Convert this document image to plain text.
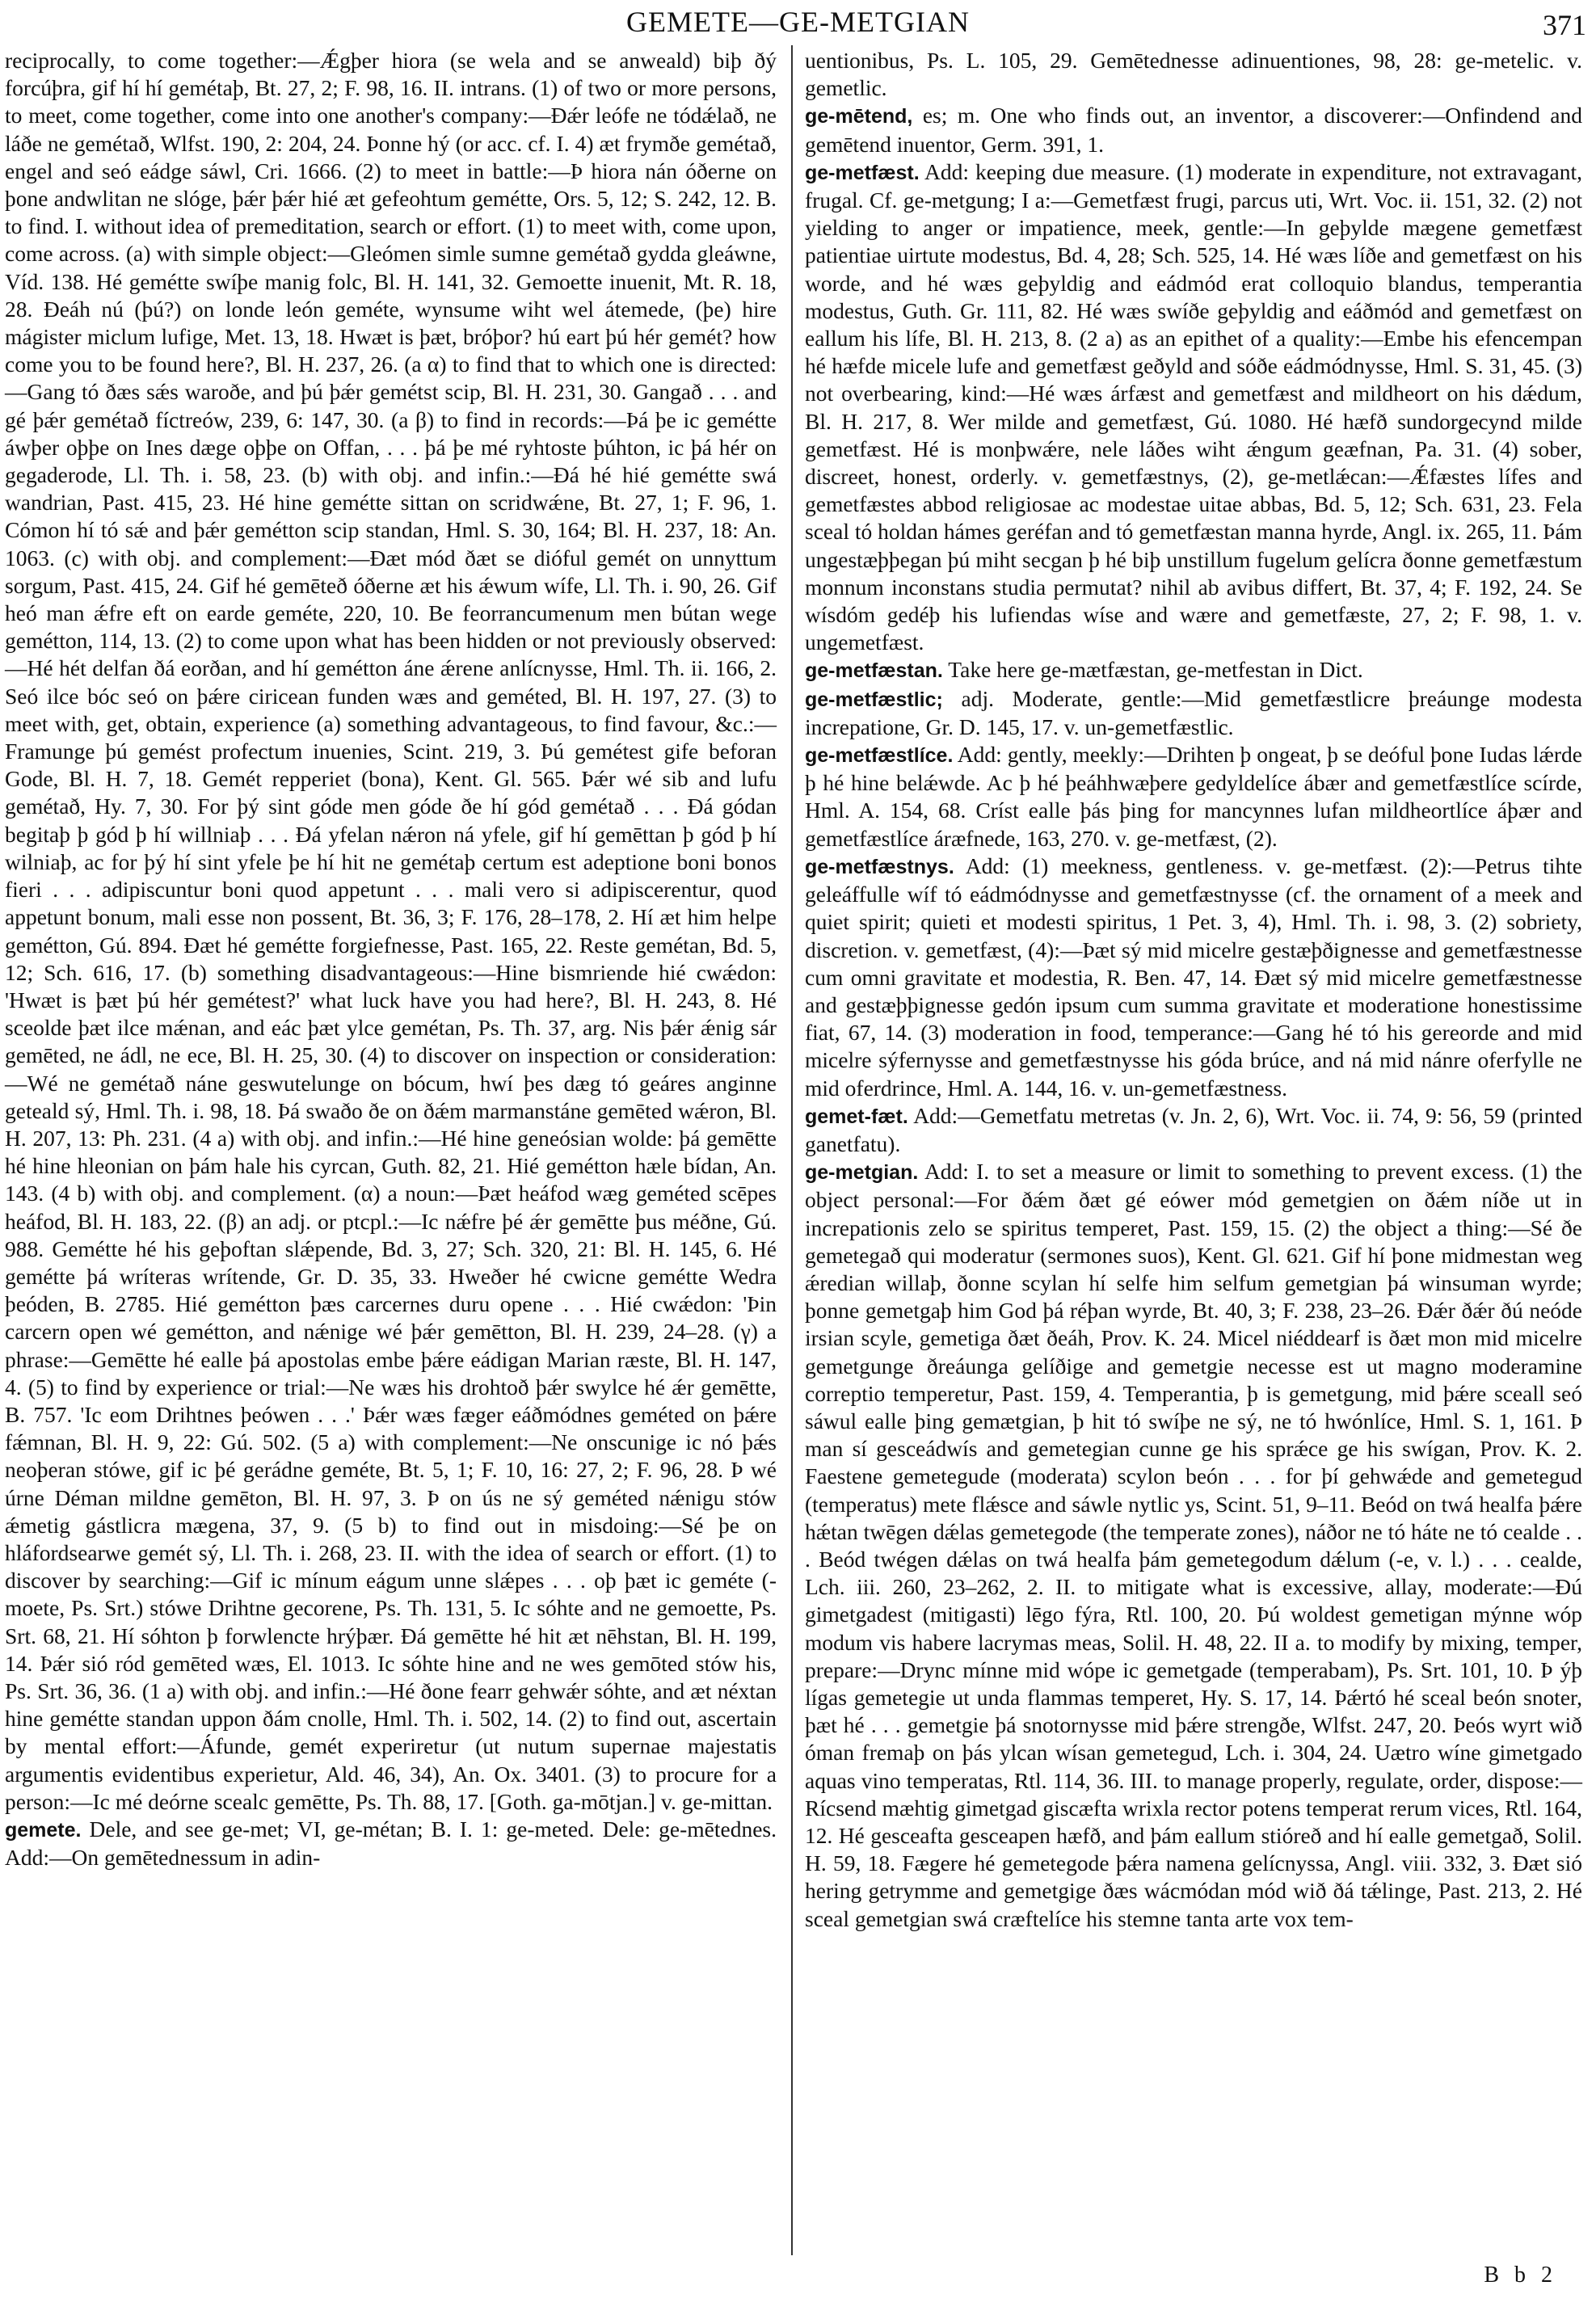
GEMETE—GE-METGIAN	371

reciprocally, to come together:—Ǽgþer hiora (se wela and se anweald) biþ ðý forcúþra, gif hí hí gemétaþ, Bt. 27, 2; F. 98, 16. II. intrans. (1) of two or more persons, to meet, come together, come into one another's company:—Ðǽr leófe ne tódǽlað, ne láðe ne gemétað, Wlfst. 190, 2: 204, 24. Þonne hý (or acc. cf. I. 4) æt frymðe gemétað, engel and seó eádge sáwl, Cri. 1666. (2) to meet in battle:—Þ hiora nán óðerne on þone andwlitan ne slóge, þǽr þǽr hié æt gefeohtum gemétte, Ors. 5, 12; S. 242, 12. B. to find. I. without idea of premeditation, search or effort. (1) to meet with, come upon, come across. (a) with simple object:—Gleómen simle sumne gemétað gydda gleáwne, Víd. 138. Hé gemétte swíþe manig folc, Bl. H. 141, 32. Gemoette inuenit, Mt. R. 18, 28. Ðeáh nú (þú?) on londe león geméte, wynsume wiht wel átemede, (þe) hire mágister miclum lufige, Met. 13, 18. Hwæt is þæt, bróþor? hú eart þú hér gemét? how come you to be found here?, Bl. H. 237, 26. (a α) to find that to which one is directed:—Gang tó ðæs sǽs waroðe, and þú þǽr gemétst scip, Bl. H. 231, 30. Gangað . . . and gé þǽr gemétað fíctreów, 239, 6: 147, 30. (a β) to find in records:—Þá þe ic gemétte áwþer oþþe on Ines dæge oþþe on Offan, . . . þá þe mé ryhtoste þúhton, ic þá hér on gegaderode, Ll. Th. i. 58, 23. (b) with obj. and infin.:—Ðá hé hié gemétte swá wandrian, Past. 415, 23. Hé hine gemétte sittan on scridwǽne, Bt. 27, 1; F. 96, 1. Cómon hí tó sǽ and þǽr gemétton scip standan, Hml. S. 30, 164; Bl. H. 237, 18: An. 1063. (c) with obj. and complement:—Ðæt mód ðæt se dióful gemét on unnyttum sorgum, Past. 415, 24. Gif hé gemēteð óðerne æt his ǽwum wífe, Ll. Th. i. 90, 26. Gif heó man ǽfre eft on earde geméte, 220, 10. Be feorrancumenum men bútan wege gemétton, 114, 13. (2) to come upon what has been hidden or not previously observed:—Hé hét delfan ðá eorðan, and hí gemétton áne ǽrene anlícnysse, Hml. Th. ii. 166, 2. Seó ilce bóc seó on þǽre ciricean funden wæs and geméted, Bl. H. 197, 27. (3) to meet with, get, obtain, experience (a) something advantageous, to find favour, &c.:—Framunge þú gemést profectum inuenies, Scint. 219, 3. Þú gemétest gife beforan Gode, Bl. H. 7, 18. Gemét repperiet (bona), Kent. Gl. 565. Þǽr wé sib and lufu gemétað, Hy. 7, 30. For þý sint góde men góde ðe hí gód gemétað . . . Ðá gódan begitaþ þ gód þ hí willniaþ . . . Ðá yfelan nǽron ná yfele, gif hí gemēttan þ gód þ hí wilniaþ, ac for þý hí sint yfele þe hí hit ne gemétaþ certum est adeptione boni bonos fieri . . . adipiscuntur boni quod appetunt . . . mali vero si adipiscerentur, quod appetunt bonum, mali esse non possent, Bt. 36, 3; F. 176, 28–178, 2. Hí æt him helpe gemétton, Gú. 894. Ðæt hé gemétte forgiefnesse, Past. 165, 22. Reste gemétan, Bd. 5, 12; Sch. 616, 17. (b) something disadvantageous:—Hine bismriende hié cwǽdon: 'Hwæt is þæt þú hér gemétest?' what luck have you had here?, Bl. H. 243, 8. Hé sceolde þæt ilce mǽnan, and eác þæt ylce gemétan, Ps. Th. 37, arg. Nis þǽr ǽnig sár gemēted, ne ádl, ne ece, Bl. H. 25, 30. (4) to discover on inspection or consideration:—Wé ne gemétað náne geswutelunge on bócum, hwí þes dæg tó geáres anginne geteald sý, Hml. Th. i. 98, 18. Þá swaðo ðe on ðǽm marmanstáne gemēted wǽron, Bl. H. 207, 13: Ph. 231. (4 a) with obj. and infin.:—Hé hine geneósian wolde: þá gemētte hé hine hleonian on þám hale his cyrcan, Guth. 82, 21. Hié gemétton hæle bídan, An. 143. (4 b) with obj. and complement. (α) a noun:—Þæt heáfod wæg geméted scēpes heáfod, Bl. H. 183, 22. (β) an adj. or ptcpl.:—Ic nǽfre þé ǽr gemētte þus méðne, Gú. 988. Gemétte hé his geþoftan slǽpende, Bd. 3, 27; Sch. 320, 21: Bl. H. 145, 6. Hé gemétte þá wríteras wrítende, Gr. D. 35, 33. Hweðer hé cwicne gemétte Wedra þeóden, B. 2785. Hié gemétton þæs carcernes duru opene . . . Hié cwǽdon: 'Þin carcern open wé gemétton, and nǽnige wé þǽr gemētton, Bl. H. 239, 24–28. (γ) a phrase:—Gemētte hé ealle þá apostolas embe þǽre eádigan Marian ræste, Bl. H. 147, 4. (5) to find by experience or trial:—Ne wæs his drohtoð þǽr swylce hé ǽr gemētte, B. 757. 'Ic eom Drihtnes þeówen . . .' Þǽr wæs fæger eáðmódnes geméted on þǽre fǽmnan, Bl. H. 9, 22: Gú. 502. (5 a) with complement:—Ne onscunige ic nó þǽs neoþeran stówe, gif ic þé gerádne geméte, Bt. 5, 1; F. 10, 16: 27, 2; F. 96, 28. Þ wé úrne Déman mildne gemēton, Bl. H. 97, 3. Þ on ús ne sý geméted nǽnigu stów ǽmetig gástlicra mægena, 37, 9. (5 b) to find out in misdoing:—Sé þe on hláfordsearwe gemét sý, Ll. Th. i. 268, 23. II. with the idea of search or effort. (1) to discover by searching:—Gif ic mínum eágum unne slǽpes . . . oþ þæt ic geméte (-moete, Ps. Srt.) stówe Drihtne gecorene, Ps. Th. 131, 5. Ic sóhte and ne gemoette, Ps. Srt. 68, 21. Hí sóhton þ forwlencte hrýþær. Ðá gemētte hé hit æt nēhstan, Bl. H. 199, 14. Þǽr sió ród gemēted wæs, El. 1013. Ic sóhte hine and ne wes gemōted stów his, Ps. Srt. 36, 36. (1 a) with obj. and infin.:—Hé ðone fearr gehwǽr sóhte, and æt néxtan hine gemétte standan uppon ðám cnolle, Hml. Th. i. 502, 14. (2) to find out, ascertain by mental effort:—Áfunde, gemét experiretur (ut nutum supernae majestatis argumentis evidentibus experietur, Ald. 46, 34), An. Ox. 3401. (3) to procure for a person:—Ic mé deórne scealc gemētte, Ps. Th. 88, 17. [Goth. ga-mōtjan.] v. ge-mittan.

gemete. Dele, and see ge-met; VI, ge-métan; B. I. 1: ge-meted. Dele: ge-mētednes. Add:—On gemētednessum in adin-

uentionibus, Ps. L. 105, 29. Gemētednesse adinuentiones, 98, 28: ge-metelic. v. gemetlic.

ge-mētend, es; m. One who finds out, an inventor, a discoverer:—Onfindend and gemētend inuentor, Germ. 391, 1.

ge-metfæst. Add: keeping due measure. (1) moderate in expenditure, not extravagant, frugal. Cf. ge-metgung; I a:—Gemetfæst frugi, parcus uti, Wrt. Voc. ii. 151, 32. (2) not yielding to anger or impatience, meek, gentle:—In geþylde mægene gemetfæst patientiae uirtute modestus, Bd. 4, 28; Sch. 525, 14. Hé wæs líðe and gemetfæst on his worde, and hé wæs geþyldig and eádmód erat colloquio blandus, temperantia modestus, Guth. Gr. 111, 82. Hé wæs swíðe geþyldig and eáðmód and gemetfæst on eallum his lífe, Bl. H. 213, 8. (2 a) as an epithet of a quality:—Embe his efencempan hé hæfde micele lufe and gemetfæst geðyld and sóðe eádmódnysse, Hml. S. 31, 45. (3) not overbearing, kind:—Hé wæs árfæst and gemetfæst and mildheort on his dǽdum, Bl. H. 217, 8. Wer milde and gemetfæst, Gú. 1080. Hé hæfð sundorgecynd milde gemetfæst. Hé is monþwǽre, nele láðes wiht ǽngum geæfnan, Pa. 31. (4) sober, discreet, honest, orderly. v. gemetfæstnys, (2), ge-metlǽcan:—Ǽfæstes lífes and gemetfæstes abbod religiosae ac modestae uitae abbas, Bd. 5, 12; Sch. 631, 23. Fela sceal tó holdan hámes geréfan and tó gemetfæstan manna hyrde, Angl. ix. 265, 11. Þám ungestæþþegan þú miht secgan þ hé biþ unstillum fugelum gelícra ðonne gemetfæstum monnum inconstans studia permutat? nihil ab avibus differt, Bt. 37, 4; F. 192, 24. Se wísdóm gedéþ his lufiendas wíse and wære and gemetfæste, 27, 2; F. 98, 1. v. ungemetfæst.

ge-metfæstan. Take here ge-mætfæstan, ge-metfestan in Dict.

ge-metfæstlic; adj. Moderate, gentle:—Mid gemetfæstlicre þreáunge modesta increpatione, Gr. D. 145, 17. v. un-gemetfæstlic.

ge-metfæstlíce. Add: gently, meekly:—Drihten þ ongeat, þ se deóful þone Iudas lǽrde þ hé hine belǽwde. Ac þ hé þeáhhwæþere gedyldelíce ábær and gemetfæstlíce scírde, Hml. A. 154, 68. Críst ealle þás þing for mancynnes lufan mildheortlíce áþær and gemetfæstlíce áræfnede, 163, 270. v. ge-metfæst, (2).

ge-metfæstnys. Add: (1) meekness, gentleness. v. ge-metfæst. (2):—Petrus tihte geleáffulle wíf tó eádmódnysse and gemetfæstnysse (cf. the ornament of a meek and quiet spirit; quieti et modesti spiritus, 1 Pet. 3, 4), Hml. Th. i. 98, 3. (2) sobriety, discretion. v. gemetfæst, (4):—Þæt sý mid micelre gestæþðignesse and gemetfæstnesse cum omni gravitate et modestia, R. Ben. 47, 14. Ðæt sý mid micelre gemetfæstnesse and gestæþþignesse gedón ipsum cum summa gravitate et moderatione honestissime fiat, 67, 14. (3) moderation in food, temperance:—Gang hé tó his gereorde and mid micelre sýfernysse and gemetfæstnysse his góda brúce, and ná mid nánre oferfylle ne mid oferdrince, Hml. A. 144, 16. v. un-gemetfæstness.

gemet-fæt. Add:—Gemetfatu metretas (v. Jn. 2, 6), Wrt. Voc. ii. 74, 9: 56, 59 (printed ganetfatu).

ge-metgian. Add: I. to set a measure or limit to something to prevent excess. (1) the object personal:—For ðǽm ðæt gé eówer mód gemetgien on ðǽm níðe ut in increpationis zelo se spiritus temperet, Past. 159, 15. (2) the object a thing:—Sé ðe gemetegað qui moderatur (sermones suos), Kent. Gl. 621. Gif hí þone midmestan weg ǽredian willaþ, ðonne scylan hí selfe him selfum gemetgian þá winsuman wyrde; þonne gemetgaþ him God þá réþan wyrde, Bt. 40, 3; F. 238, 23–26. Ðǽr ðǽr ðú neóde irsian scyle, gemetiga ðæt ðeáh, Prov. K. 24. Micel niéddearf is ðæt mon mid micelre gemetgunge ðreáunga gelíðige and gemetgie necesse est ut magno moderamine correptio temperetur, Past. 159, 4. Temperantia, þ is gemetgung, mid þǽre sceall seó sáwul ealle þing gemætgian, þ hit tó swíþe ne sý, ne tó hwónlíce, Hml. S. 1, 161. Þ man sí gesceádwís and gemetegian cunne ge his sprǽce ge his swígan, Prov. K. 2. Faestene gemetegude (moderata) scylon beón . . . for þí gehwǽde and gemetegud (temperatus) mete flǽsce and sáwle nytlic ys, Scint. 51, 9–11. Beód on twá healfa þǽre hǽtan twēgen dǽlas gemetegode (the temperate zones), náðor ne tó háte ne tó cealde . . . Beód twégen dǽlas on twá healfa þám gemetegodum dǽlum (-e, v. l.) . . . cealde, Lch. iii. 260, 23–262, 2. II. to mitigate what is excessive, allay, moderate:—Ðú gimetgadest (mitigasti) lēgo fýra, Rtl. 100, 20. Þú woldest gemetigan mýnne wóp modum vis habere lacrymas meas, Solil. H. 48, 22. II a. to modify by mixing, temper, prepare:—Drync mínne mid wópe ic gemetgade (temperabam), Ps. Srt. 101, 10. Þ ýþ lígas gemetegie ut unda flammas temperet, Hy. S. 17, 14. Þǽrtó hé sceal beón snoter, þæt hé . . . gemetgie þá snotornysse mid þǽre strengðe, Wlfst. 247, 20. Þeós wyrt wið óman fremaþ on þás ylcan wísan gemetegud, Lch. i. 304, 24. Uætro wíne gimetgado aquas vino temperatas, Rtl. 114, 36. III. to manage properly, regulate, order, dispose:—Rícsend mæhtig gimetgad giscæfta wrixla rector potens temperat rerum vices, Rtl. 164, 12. Hé gesceafta gesceapen hæfð, and þám eallum stióreð and hí ealle gemetgað, Solil. H. 59, 18. Fægere hé gemetegode þǽra namena gelícnyssa, Angl. viii. 332, 3. Ðæt sió hering getrymme and gemetgige ðæs wácmódan mód wið ðá tǽlinge, Past. 213, 2. Hé sceal gemetgian swá cræftelíce his stemne tanta arte vox tem-

B b 2
